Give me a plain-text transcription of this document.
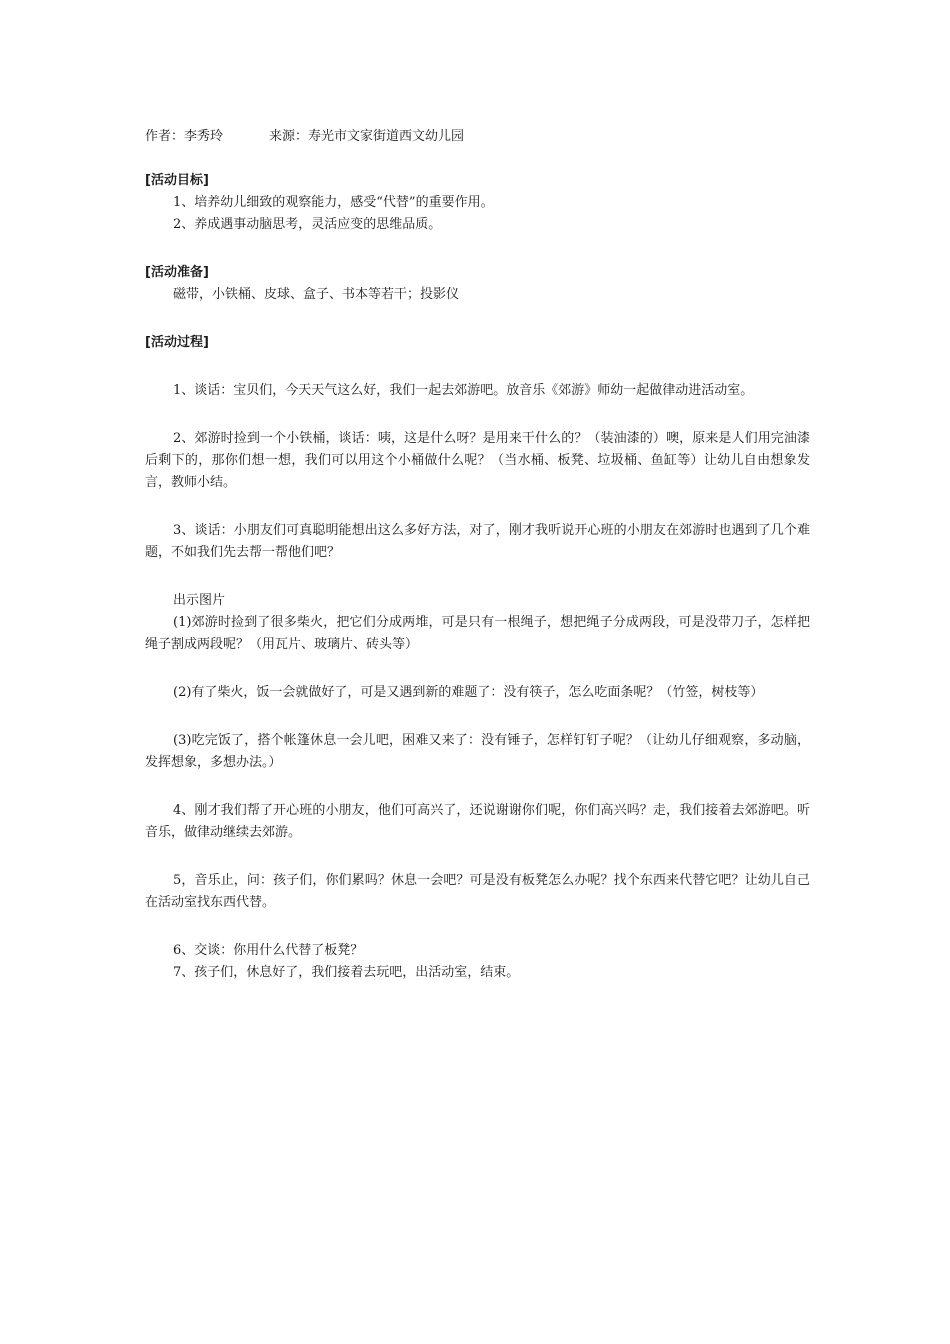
作者：李秀玲	来源：寿光市文家街道西文幼儿园

[活动目标]

1、培养幼儿细致的观察能力，感受“代替”的重要作用。

2、养成遇事动脑思考，灵活应变的思维品质。

[活动准备]

磁带，小铁桶、皮球、盒子、书本等若干；投影仪

[活动过程]

1、谈话：宝贝们，今天天气这么好，我们一起去郊游吧。放音乐《郊游》师幼一起做律动进活动室。

2、郊游时捡到一个小铁桶，谈话：咦，这是什么呀？是用来干什么的？（装油漆的）噢，原来是人们用完油漆后剩下的，那你们想一想，我们可以用这个小桶做什么呢？（当水桶、板凳、垃圾桶、鱼缸等）让幼儿自由想象发言，教师小结。

3、谈话：小朋友们可真聪明能想出这么多好方法，对了，刚才我听说开心班的小朋友在郊游时也遇到了几个难题，不如我们先去帮一帮他们吧？

出示图片

(1)郊游时捡到了很多柴火，把它们分成两堆，可是只有一根绳子，想把绳子分成两段，可是没带刀子，怎样把绳子割成两段呢？（用瓦片、玻璃片、砖头等）

(2)有了柴火，饭一会就做好了，可是又遇到新的难题了：没有筷子，怎么吃面条呢？（竹签，树枝等）

(3)吃完饭了，搭个帐篷休息一会儿吧，困难又来了：没有锤子，怎样钉钉子呢？（让幼儿仔细观察，多动脑，发挥想象，多想办法。）

4、刚才我们帮了开心班的小朋友，他们可高兴了，还说谢谢你们呢，你们高兴吗？走，我们接着去郊游吧。听音乐，做律动继续去郊游。

5，音乐止，问：孩子们，你们累吗？休息一会吧？可是没有板凳怎么办呢？找个东西来代替它吧？让幼儿自己在活动室找东西代替。

6、交谈：你用什么代替了板凳？

7、孩子们，休息好了，我们接着去玩吧，出活动室，结束。
